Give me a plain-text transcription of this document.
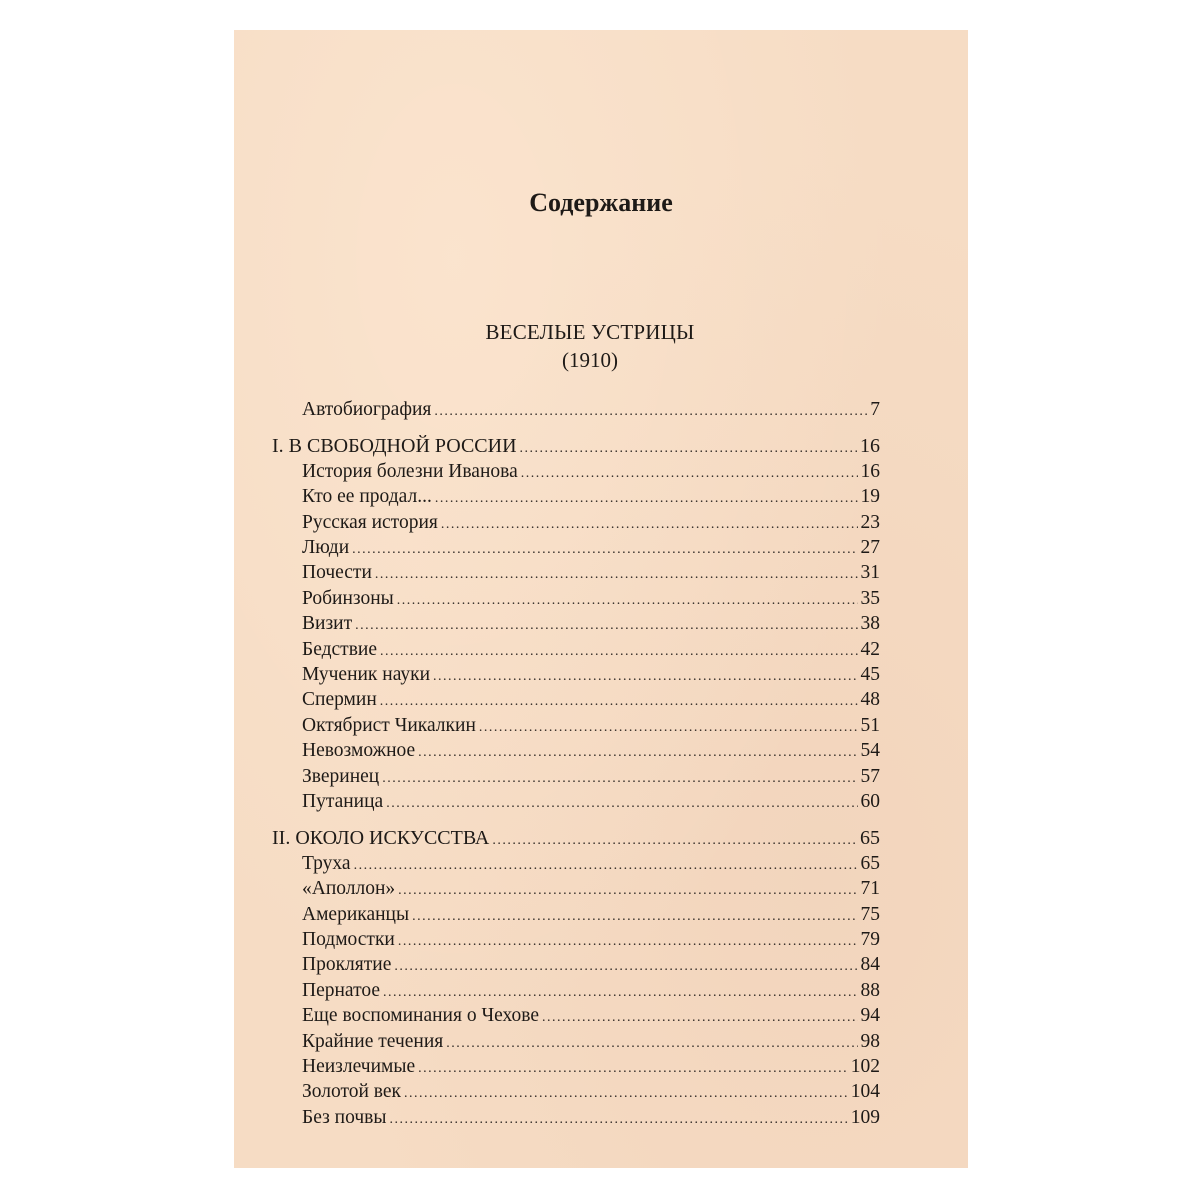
Содержание
ВЕСЕЛЫЕ УСТРИЦЫ
(1910)
Автобиография .....	7
I. В СВОБОДНОЙ РОССИИ .....	16
История болезни Иванова .....	16
Кто ее продал... .....	19
Русская история .....	23
Люди .....	27
Почести .....	31
Робинзоны .....	35
Визит .....	38
Бедствие .....	42
Мученик науки .....	45
Спермин .....	48
Октябрист Чикалкин .....	51
Невозможное .....	54
Зверинец .....	57
Путаница .....	60
II. ОКОЛО ИСКУССТВА .....	65
Труха .....	65
«Аполлон» .....	71
Американцы .....	75
Подмостки .....	79
Проклятие .....	84
Пернатое .....	88
Еще воспоминания о Чехове .....	94
Крайние течения .....	98
Неизлечимые .....	102
Золотой век .....	104
Без почвы .....	109
